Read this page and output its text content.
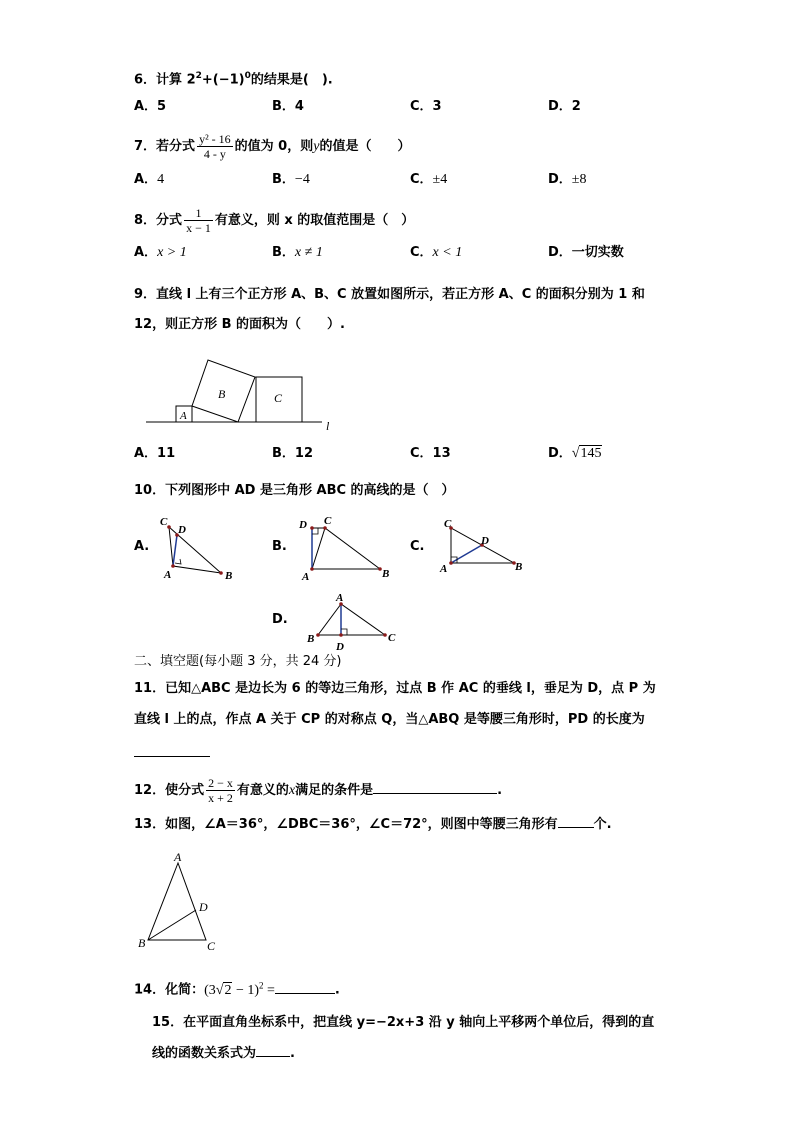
6．计算 $2^2+(-1)^0$的结果是(　).
A．5	B．4	C．3	D．2
7．若分式 $\frac{\text{y² - 16}}{4 - y}$ 的值为 0，则y的值是（　　）
A．4	B．−4	C．±4	D．±8
8．分式 $\frac{1}{x - 1}$ 有意义，则 x 的取值范围是（　）
A．x > 1	B．x ≠ 1	C．x < 1	D．一切实数
9．直线 l 上有三个正方形 A、B、C 放置如图所示，若正方形 A、C 的面积分别为 1 和
12，则正方形 B 的面积为（　　）.
A
B	C
l
A．11	B．12	C．13	D．√145
10．下列图形中 AD 是三角形 ABC 的高线的是（　）
A.	B.	C.
D.
C
D
A	B
D C
A	B
C
D
A	B
A
B	C
D
二、填空题(每小题 3 分，共 24 分)
11．已知△ABC 是边长为 6 的等边三角形，过点 B 作 AC 的垂线 l，垂足为 D，点 P 为
直线 l 上的点，作点 A 关于 CP 的对称点 Q，当△ABQ 是等腰三角形时，PD 的长度为
12．使分式 $\frac{2 - x}{x + 2}$ 有意义的x满足的条件是	.
13．如图，∠A＝36°，∠DBC＝36°，∠C＝72°，则图中等腰三角形有	个.
A
B	C
D
14．化简：$(3√2 - 1)^2$ =	.
15．在平面直角坐标系中，把直线 y=−2x+3 沿 y 轴向上平移两个单位后，得到的直
线的函数关系式为	.
